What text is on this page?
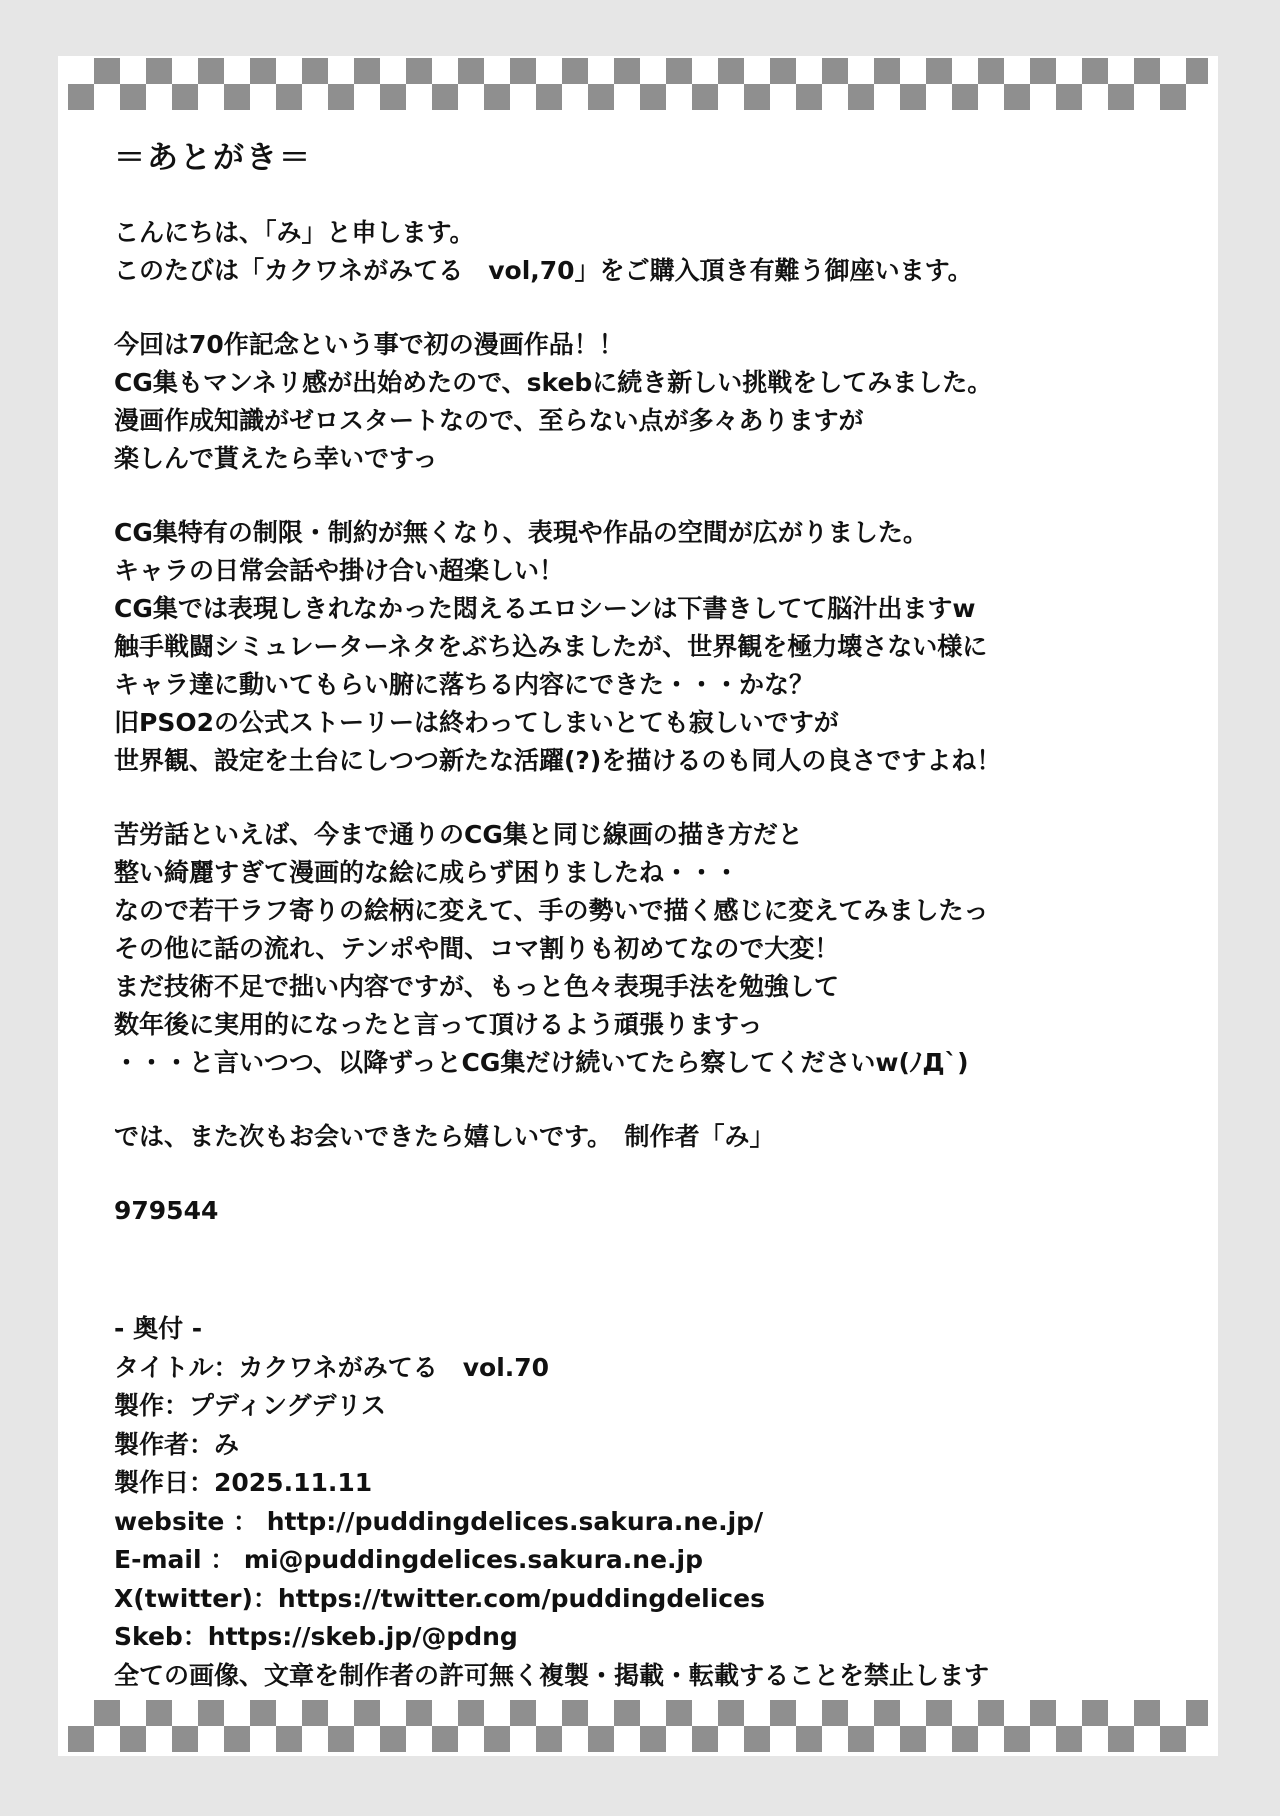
＝あとがき＝
こんにちは、「み」と申します。
このたびは「カクワネがみてる　vol,70」をご購入頂き有難う御座います。
今回は70作記念という事で初の漫画作品！！
CG集もマンネリ感が出始めたので、skebに続き新しい挑戦をしてみました。
漫画作成知識がゼロスタートなので、至らない点が多々ありますが
楽しんで貰えたら幸いですっ
CG集特有の制限・制約が無くなり、表現や作品の空間が広がりました。
キャラの日常会話や掛け合い超楽しい！
CG集では表現しきれなかった悶えるエロシーンは下書きしてて脳汁出ますw
触手戦闘シミュレーターネタをぶち込みましたが、世界観を極力壊さない様に
キャラ達に動いてもらい腑に落ちる内容にできた・・・かな？
旧PSO2の公式ストーリーは終わってしまいとても寂しいですが
世界観、設定を土台にしつつ新たな活躍(?)を描けるのも同人の良さですよね！
苦労話といえば、今まで通りのCG集と同じ線画の描き方だと
整い綺麗すぎて漫画的な絵に成らず困りましたね・・・
なので若干ラフ寄りの絵柄に変えて、手の勢いで描く感じに変えてみましたっ
その他に話の流れ、テンポや間、コマ割りも初めてなので大変！
まだ技術不足で拙い内容ですが、もっと色々表現手法を勉強して
数年後に実用的になったと言って頂けるよう頑張りますっ
・・・と言いつつ、以降ずっとCG集だけ続いてたら察してくださいw(ﾉД`)
では、また次もお会いできたら嬉しいです。　制作者「み」
979544
- 奥付 -
タイトル：カクワネがみてる　vol.70
製作：プディングデリス
製作者：み
製作日：2025.11.11
website ： http://puddingdelices.sakura.ne.jp/
E-mail ： mi@puddingdelices.sakura.ne.jp
X(twitter)：https://twitter.com/puddingdelices
Skeb：https://skeb.jp/@pdng
全ての画像、文章を制作者の許可無く複製・掲載・転載することを禁止します
